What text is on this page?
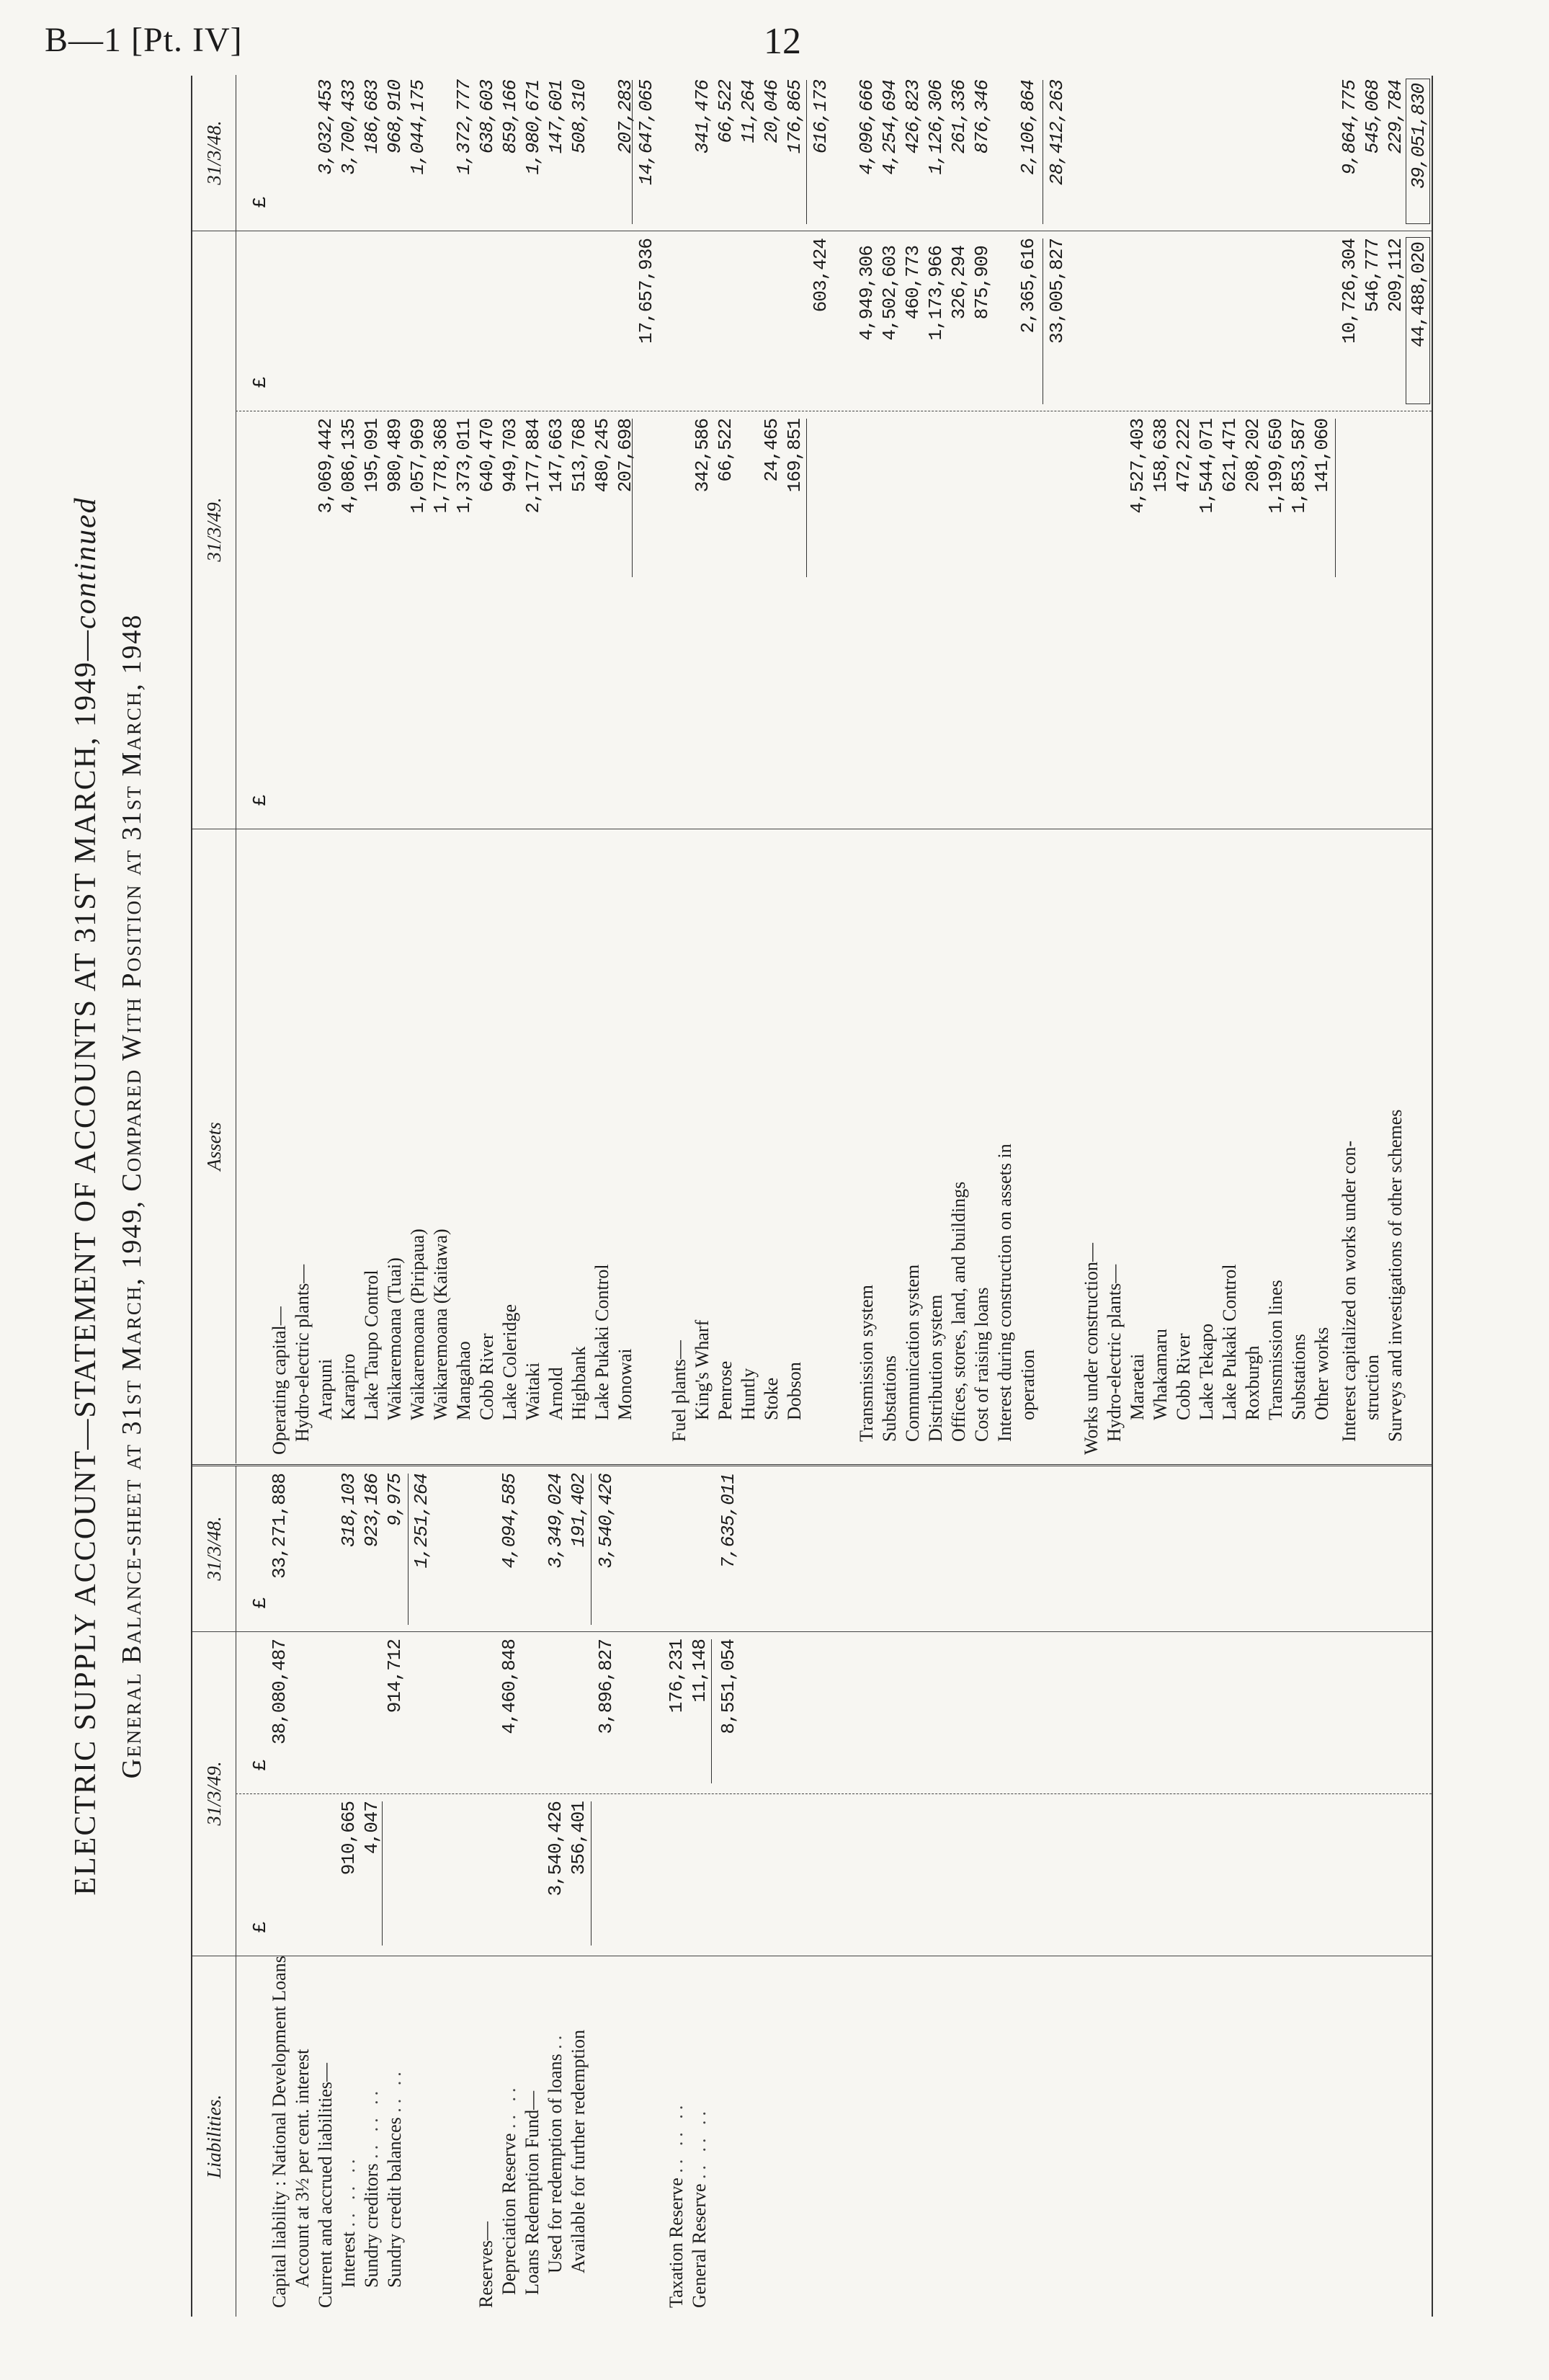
B—1 [Pt. IV]	12
ELECTRIC SUPPLY ACCOUNT—STATEMENT OF ACCOUNTS AT 31ST MARCH, 1949—continued
General Balance-sheet at 31st March, 1949, Compared With Position at 31st March, 1948
Liabilities.
31/3/49.
31/3/48.
£
£
£
Capital liability : National Development Loans Account at 3½ per cent. interest
38,080,487
33,271,888
Current and accrued liabilities— Interest .. .. ..
910,665
318,103
Sundry creditors .. .. ..
4,047
923,186
Sundry credit balances .. ..
9,975
914,712
1,251,264
Reserves— Depreciation Reserve .. ..
4,460,848
4,094,585
Loans Redemption Fund— Used for redemption of loans ..
3,540,426
3,349,024
Available for further redemption
356,401
191,402
3,896,827
3,540,426
Taxation Reserve .. .. ..
176,231
General Reserve .. .. ..
11,148 8,551,054
7,635,011
Assets
31/3/49.
31/3/48.
£
£
£
Operating capital— Hydro-electric plants— Arapuni
3,069,442
3,032,453
Karapiro
4,086,135
3,700,433
Lake Taupo Control
195,091
186,683
Waikaremoana (Tuai)
980,489
968,910
Waikaremoana (Piripaua)
1,057,969
1,044,175
Waikaremoana (Kaitawa)
1,778,368
Mangahao
1,373,011
1,372,777
Cobb River
640,470
638,603
Lake Coleridge
949,703
859,166
Waitaki
2,177,884
1,980,671
Arnold
147,663
147,601
Highbank
513,768
508,310
Lake Pukaki Control
480,245
Monowai
207,698
207,283
17,657,936
14,647,065
Fuel plants— King's Wharf
342,586
341,476
Penrose
66,522
66,522
Huntly
11,264
Stoke
24,465
20,046
Dobson
169,851
176,865
603,424
616,173
Transmission system
4,949,306
4,096,666
Substations
4,502,603
4,254,694
Communication system
460,773
426,823
Distribution system
1,173,966
1,126,306
Offices, stores, land, and buildings
326,294
261,336
Cost of raising loans
875,909
876,346
Interest during construction on assets in operation
2,365,616
2,106,864
33,005,827
28,412,263
Works under construction— Hydro-electric plants— Maraetai
4,527,403
Whakamaru
158,638
Cobb River
472,222
Lake Tekapo
1,544,071
Lake Pukaki Control
621,471
Roxburgh
208,202
Transmission lines
1,199,650
Substations
1,853,587
Other works
141,060
10,726,304
9,864,775
Interest capitalized on works under con- struction
546,777
545,068
Surveys and investigations of other schemes
209,112
229,784
44,488,020
39,051,830
